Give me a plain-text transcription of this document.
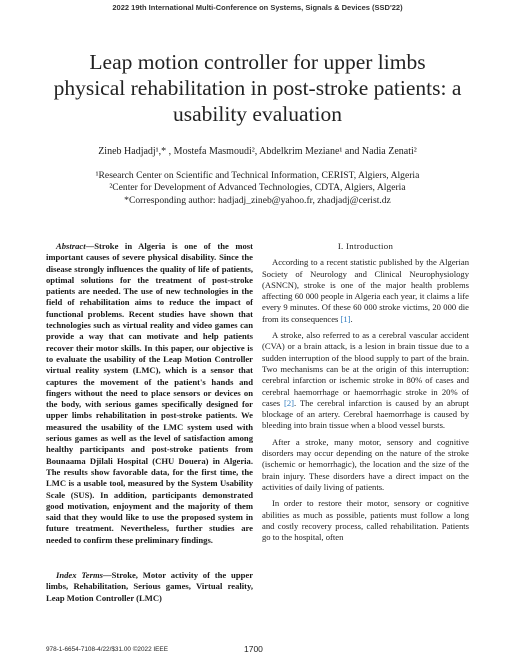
2022 19th International Multi-Conference on Systems, Signals & Devices (SSD'22)
Leap motion controller for upper limbs
physical rehabilitation in post-stroke patients: a
usability evaluation
Zineb Hadjadj¹,* , Mostefa Masmoudi², Abdelkrim Meziane¹ and Nadia Zenati²
¹Research Center on Scientific and Technical Information, CERIST, Algiers, Algeria
²Center for Development of Advanced Technologies, CDTA, Algiers, Algeria
*Corresponding author: hadjadj_zineb@yahoo.fr, zhadjadj@cerist.dz

Abstract—Stroke in Algeria is one of the most important causes of severe physical disability. Since the disease strongly influences the quality of life of patients, optimal solutions for the treatment of post-stroke patients are needed. The use of new technologies in the field of rehabilitation aims to reduce the impact of functional problems. Recent studies have shown that technologies such as virtual reality and video games can provide a way that can motivate and help patients recover their motor skills. In this paper, our objective is to evaluate the usability of the Leap Motion Controller virtual reality system (LMC), which is a sensor that captures the movement of the patient's hands and fingers without the need to place sensors or devices on the body, with serious games specifically designed for upper limbs rehabilitation in post-stroke patients. We measured the usability of the LMC system used with serious games as well as the level of satisfaction among healthy participants and post-stroke patients from Bounaama Djilali Hospital (CHU Douera) in Algeria. The results show favorable data, for the first time, the LMC is a usable tool, measured by the System Usability Scale (SUS). In addition, participants demonstrated good motivation, enjoyment and the majority of them said that they would like to use the proposed system in future treatment. Nevertheless, further studies are needed to confirm these preliminary findings.

Index Terms—Stroke, Motor activity of the upper limbs, Rehabilitation, Serious games, Virtual reality, Leap Motion Controller (LMC)

I. Introduction

According to a recent statistic published by the Algerian Society of Neurology and Clinical Neurophysiology (ASNCN), stroke is one of the major health problems affecting 60 000 people in Algeria each year, it claims a life every 9 minutes. Of these 60 000 stroke victims, 20 000 die from its consequences [1].

A stroke, also referred to as a cerebral vascular accident (CVA) or a brain attack, is a lesion in brain tissue due to a sudden interruption of the blood supply to part of the brain. Two mechanisms can be at the origin of this interruption: cerebral infarction or ischemic stroke in 80% of cases and cerebral haemorrhage or haemorrhagic stroke in 20% of cases [2]. The cerebral infarction is caused by an abrupt blockage of an artery. Cerebral haemorrhage is caused by bleeding into brain tissue when a blood vessel bursts.

After a stroke, many motor, sensory and cognitive disorders may occur depending on the nature of the stroke (ischemic or hemorrhagic), the location and the size of the brain injury. These disorders have a direct impact on the activities of daily living of patients.

In order to restore their motor, sensory or cognitive abilities as much as possible, patients must follow a long and costly recovery process, called rehabilitation. Patients go to the hospital, often

978-1-6654-7108-4/22/$31.00 ©2022 IEEE	1700
